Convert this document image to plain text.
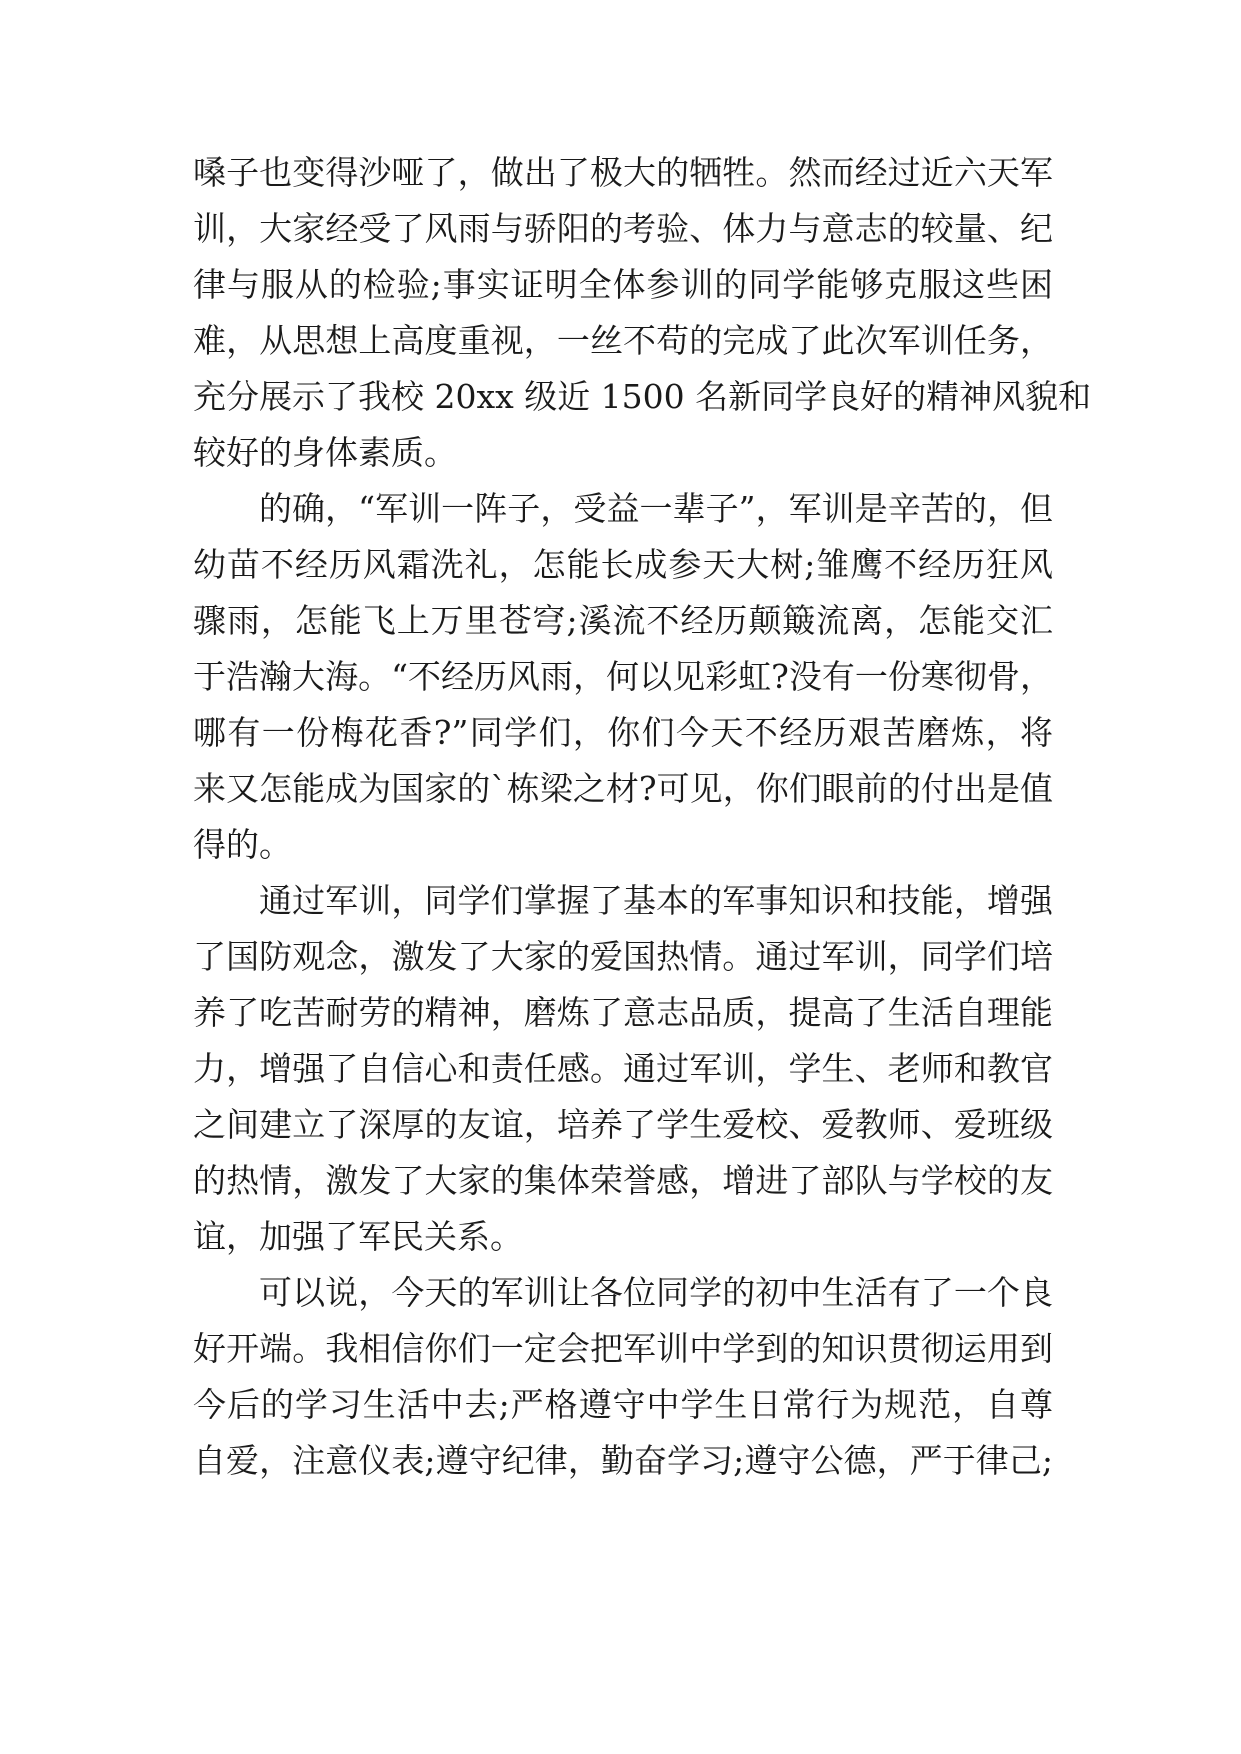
嗓子也变得沙哑了，做出了极大的牺牲。然而经过近六天军

训，大家经受了风雨与骄阳的考验、体力与意志的较量、纪

律与服从的检验;事实证明全体参训的同学能够克服这些困

难，从思想上高度重视，一丝不苟的完成了此次军训任务，

充分展示了我校 20xx 级近 1500 名新同学良好的精神风貌和

较好的身体素质。

的确，“军训一阵子，受益一辈子”，军训是辛苦的，但

幼苗不经历风霜洗礼，怎能长成参天大树;雏鹰不经历狂风

骤雨，怎能飞上万里苍穹;溪流不经历颠簸流离，怎能交汇

于浩瀚大海。“不经历风雨，何以见彩虹?没有一份寒彻骨，

哪有一份梅花香?”同学们，你们今天不经历艰苦磨炼，将

来又怎能成为国家的`栋梁之材?可见，你们眼前的付出是值

得的。

通过军训，同学们掌握了基本的军事知识和技能，增强

了国防观念，激发了大家的爱国热情。通过军训，同学们培

养了吃苦耐劳的精神，磨炼了意志品质，提高了生活自理能

力，增强了自信心和责任感。通过军训，学生、老师和教官

之间建立了深厚的友谊，培养了学生爱校、爱教师、爱班级

的热情，激发了大家的集体荣誉感，增进了部队与学校的友

谊，加强了军民关系。

可以说，今天的军训让各位同学的初中生活有了一个良

好开端。我相信你们一定会把军训中学到的知识贯彻运用到

今后的学习生活中去;严格遵守中学生日常行为规范，自尊

自爱，注意仪表;遵守纪律，勤奋学习;遵守公德，严于律己;
